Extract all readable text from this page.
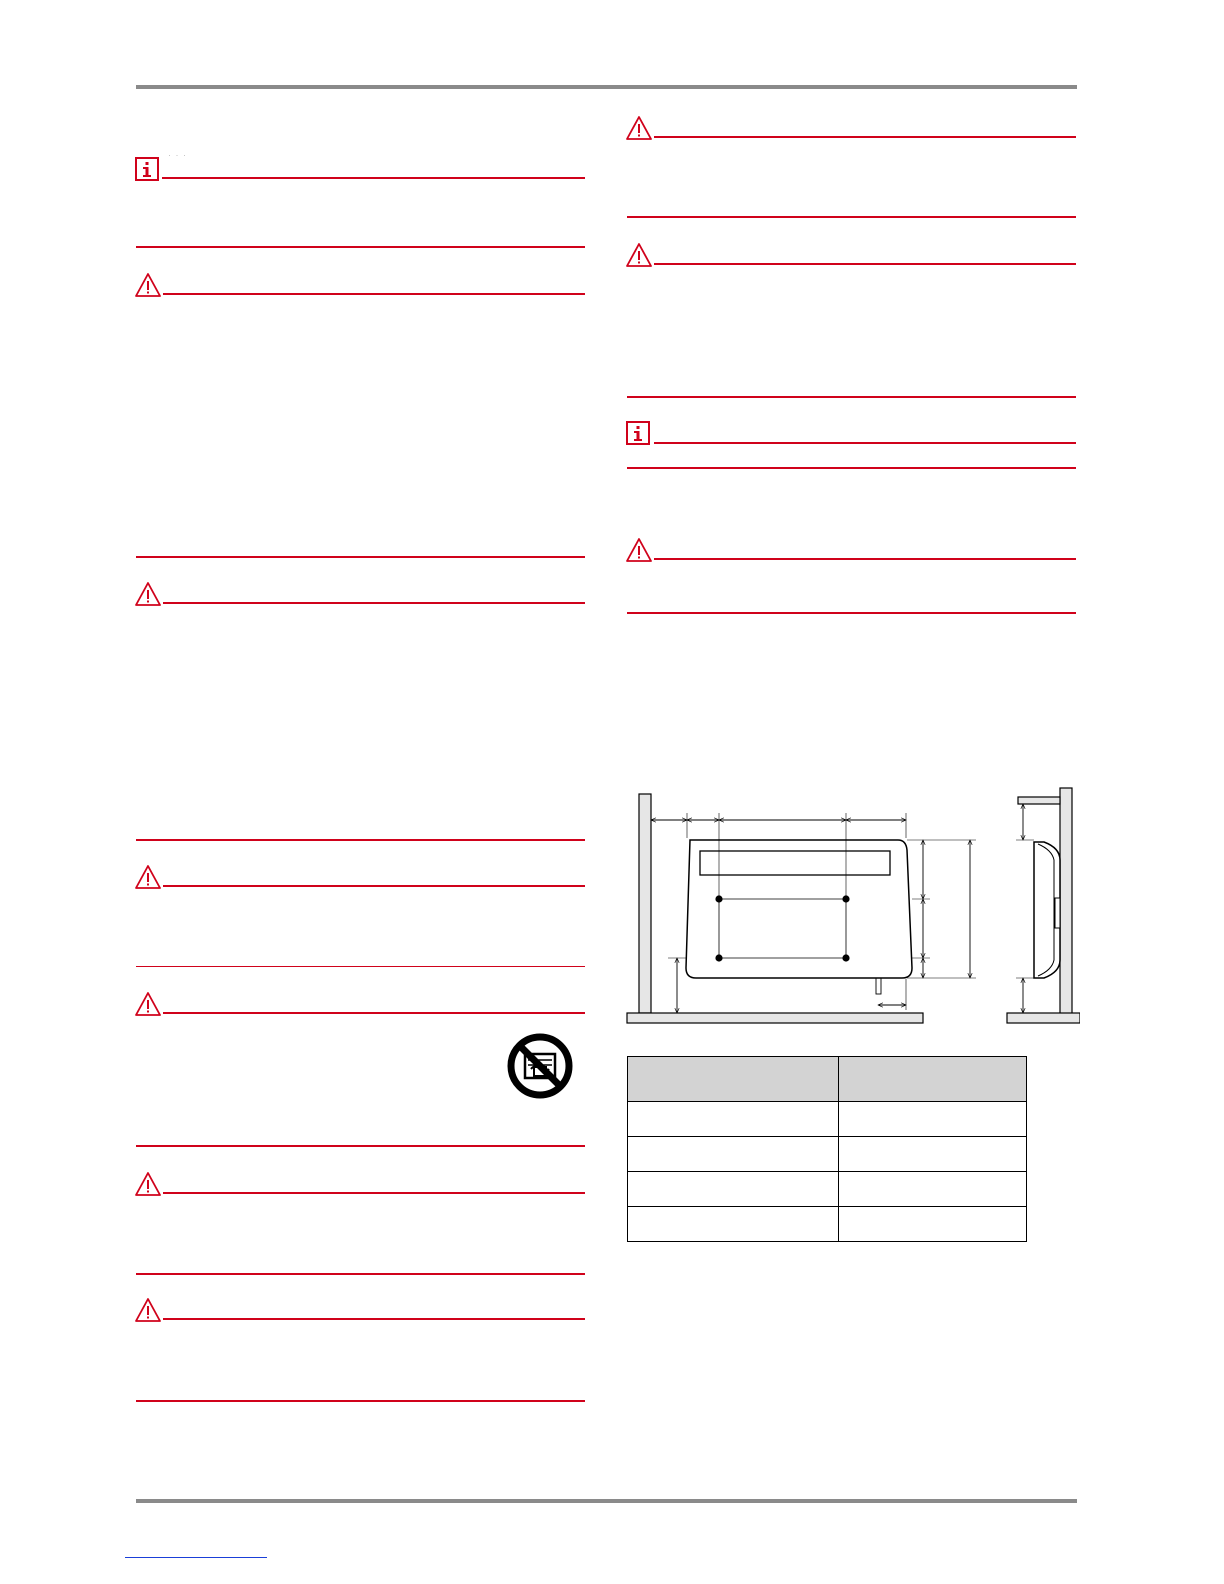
· · ·
